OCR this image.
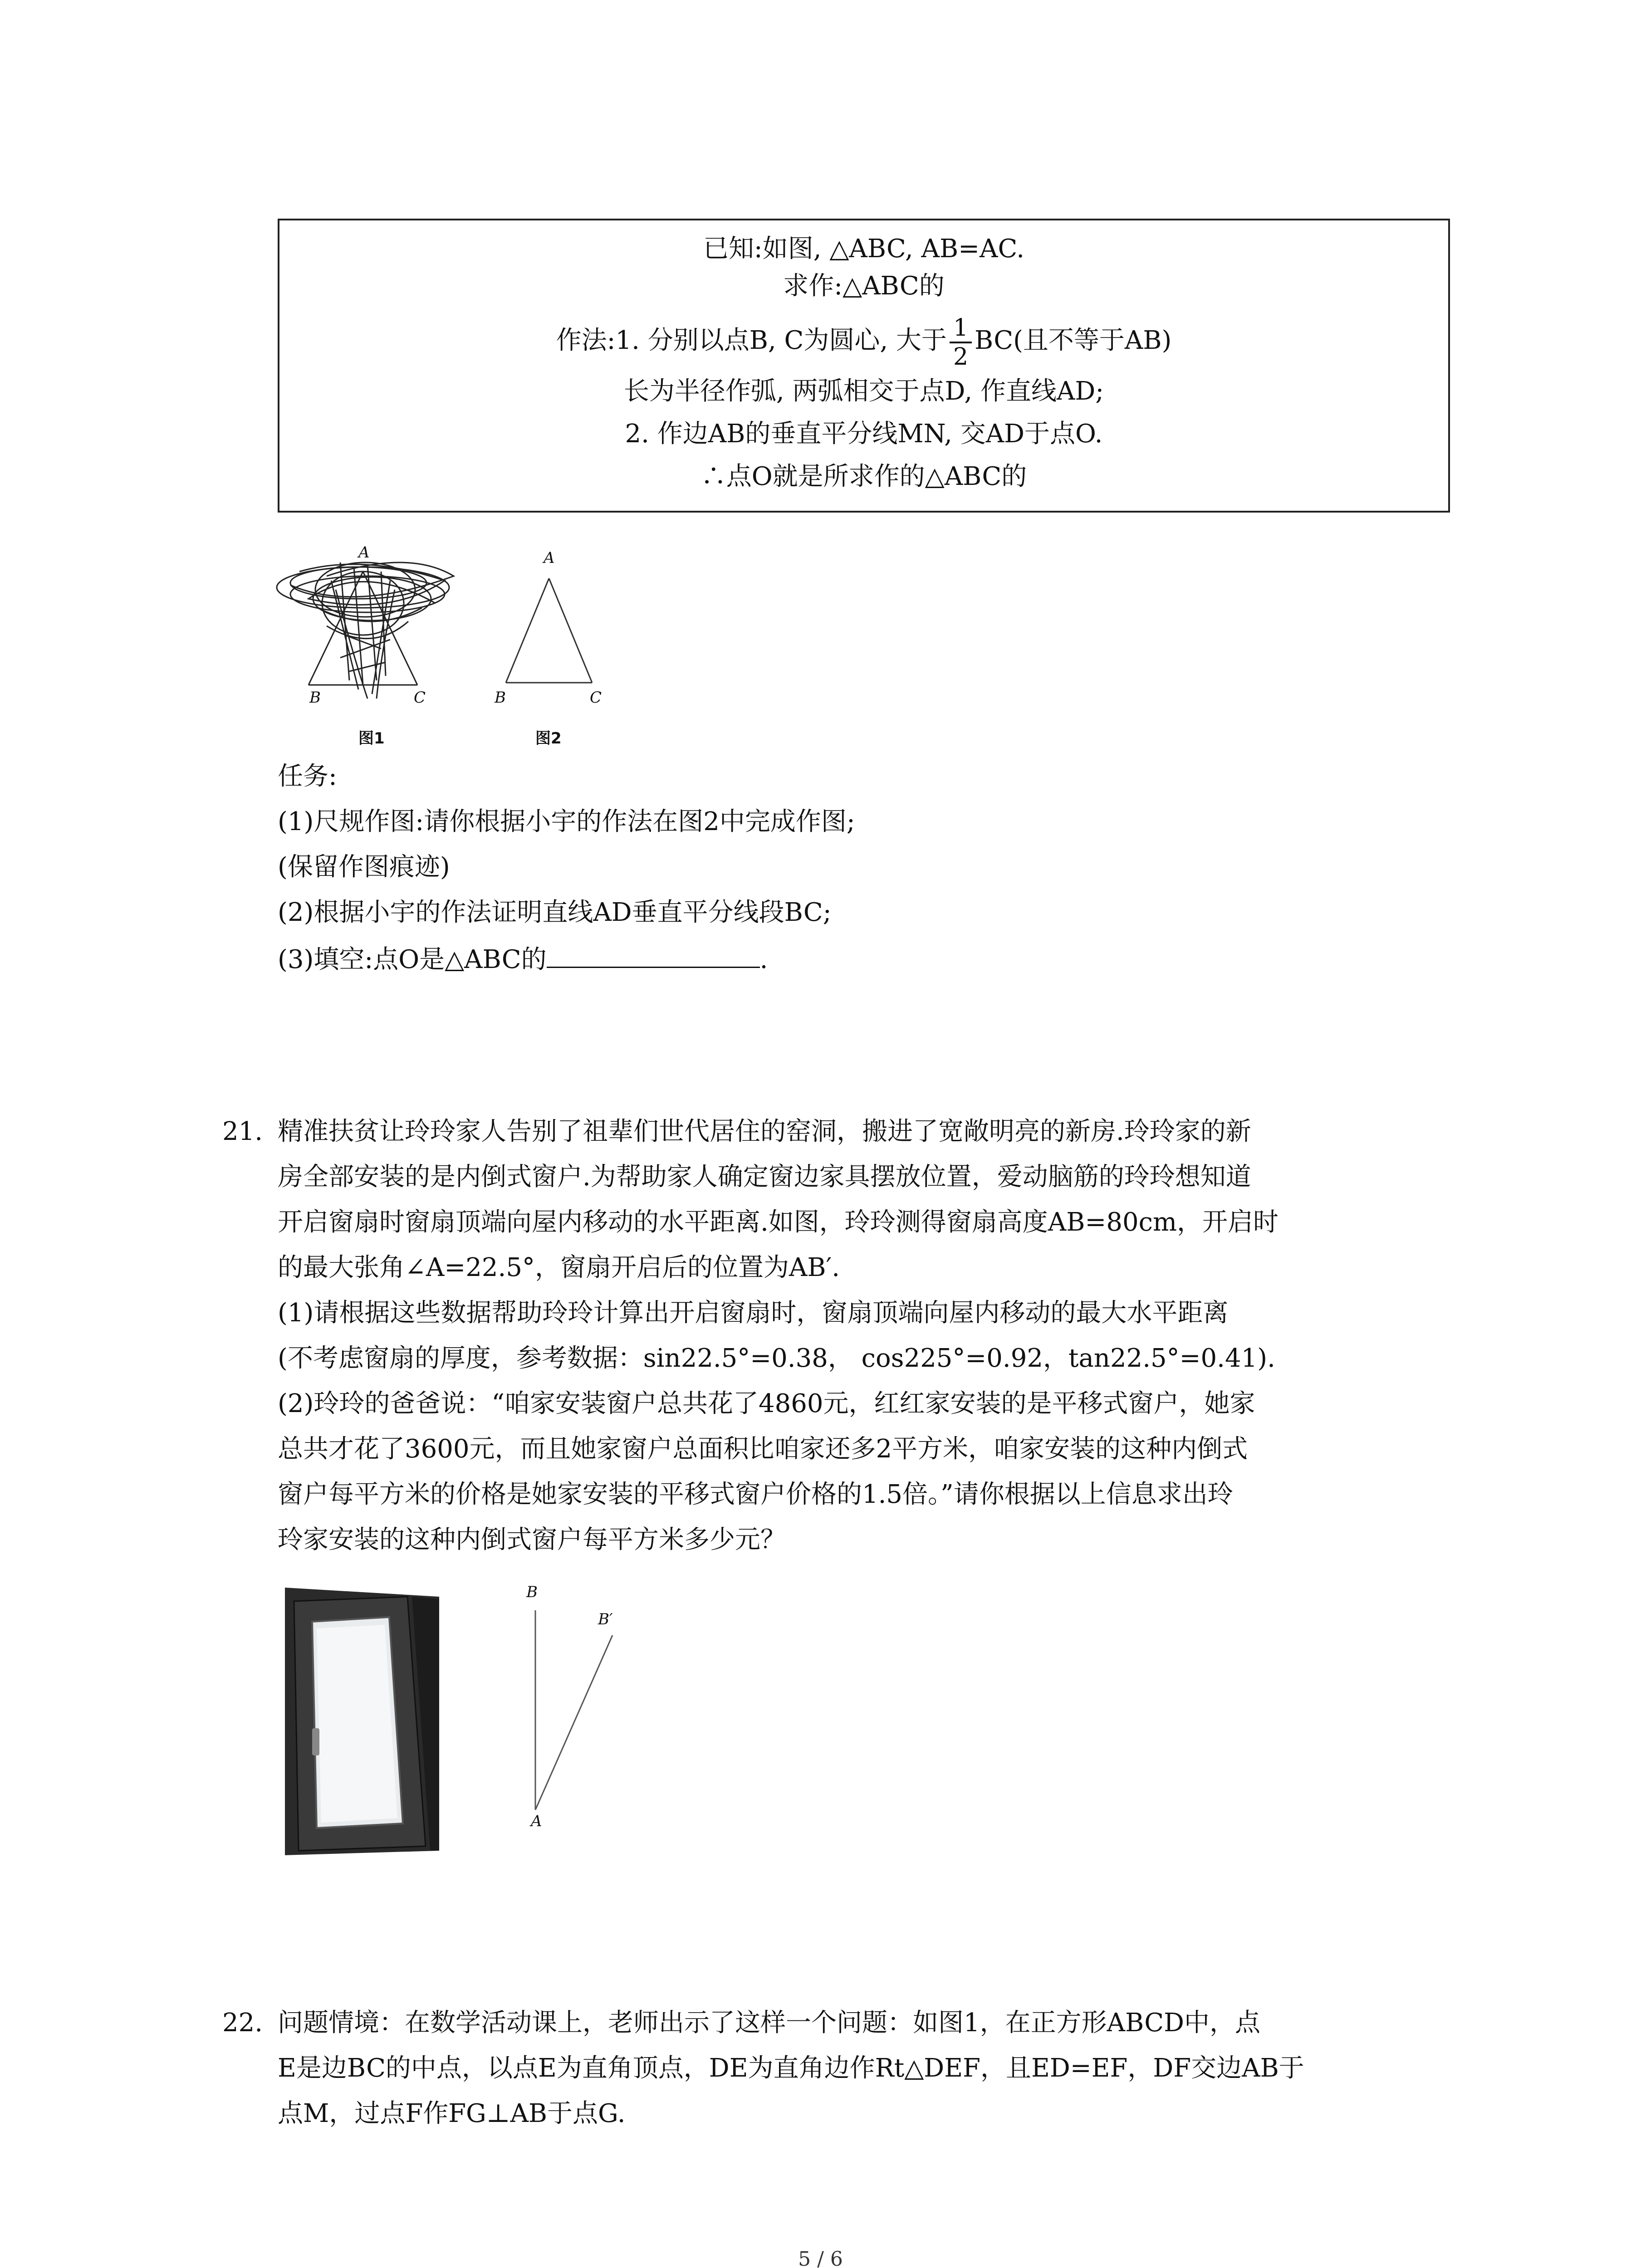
已知:如图, △ABC, AB=AC.
求作:△ABC的
作法:1. 分别以点B, C为圆心, 大于 $\frac{1}{2} BC$(且不等于AB)
长为半径作弧, 两弧相交于点D, 作直线AD;
2. 作边AB的垂直平分线MN, 交AD于点O.
∴点O就是所求作的△ABC的
A
B	C
图1
A
B	C
图2
任务:
(1)尺规作图:请你根据小宇的作法在图2中完成作图;
(保留作图痕迹)
(2)根据小宇的作法证明直线AD垂直平分线段BC;
(3)填空:点O是△ABC的	.
21. 精准扶贫让玲玲家人告别了祖辈们世代居住的窑洞，搬进了宽敞明亮的新房.玲玲家的新
房全部安装的是内倒式窗户.为帮助家人确定窗边家具摆放位置，爱动脑筋的玲玲想知道
开启窗扇时窗扇顶端向屋内移动的水平距离.如图，玲玲测得窗扇高度AB=80cm，开启时
的最大张角∠A=22.5°，窗扇开启后的位置为AB′.
(1)请根据这些数据帮助玲玲计算出开启窗扇时，窗扇顶端向屋内移动的最大水平距离
(不考虑窗扇的厚度，参考数据：sin22.5°=0.38， cos225°=0.92，tan22.5°=0.41).
(2)玲玲的爸爸说：“咱家安装窗户总共花了4860元，红红家安装的是平移式窗户，她家
总共才花了3600元，而且她家窗户总面积比咱家还多2平方米，咱家安装的这种内倒式
窗户每平方米的价格是她家安装的平移式窗户价格的1.5倍。”请你根据以上信息求出玲
玲家安装的这种内倒式窗户每平方米多少元？
B
B′
A
22. 问题情境：在数学活动课上，老师出示了这样一个问题：如图1，在正方形ABCD中，点
E是边BC的中点，以点E为直角顶点，DE为直角边作Rt△DEF，且ED=EF，DF交边AB于
点M，过点F作FG⊥AB于点G.
5 / 6
